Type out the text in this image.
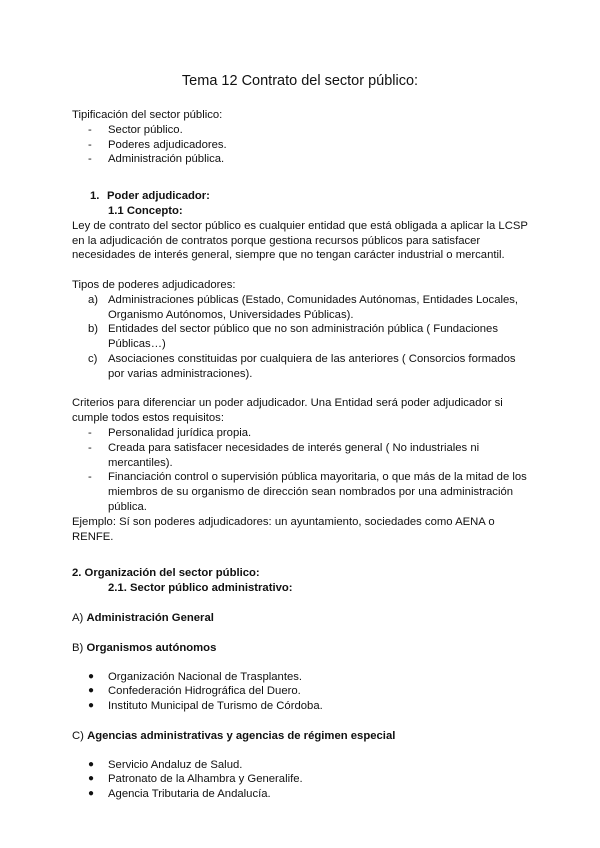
Tema 12 Contrato del sector público:

Tipificación del sector público:

- Sector público.
- Poderes adjudicadores.
- Administración pública.
1. Poder adjudicador:
1.1 Concepto:

Ley de contrato del sector público es cualquier entidad que está obligada a aplicar la LCSP en la adjudicación de contratos porque gestiona recursos públicos para satisfacer necesidades de interés general, siempre que no tengan carácter industrial o mercantil.

Tipos de poderes adjudicadores:

a) Administraciones públicas (Estado, Comunidades Autónomas, Entidades Locales, Organismo Autónomos, Universidades Públicas).
b) Entidades del sector público que no son administración pública ( Fundaciones Públicas…)
c) Asociaciones constituidas por cualquiera de las anteriores ( Consorcios formados por varias administraciones).

Criterios para diferenciar un poder adjudicador. Una Entidad será poder adjudicador si cumple todos estos requisitos:

- Personalidad jurídica propia.
- Creada para satisfacer necesidades de interés general ( No industriales ni mercantiles).
- Financiación control o supervisión pública mayoritaria, o que más de la mitad de los miembros de su organismo de dirección sean nombrados por una administración pública.

Ejemplo: Sí son poderes adjudicadores: un ayuntamiento, sociedades como AENA o RENFE.

2. Organización del sector público:
2.1. Sector público administrativo:

A) Administración General

B) Organismos autónomos

● Organización Nacional de Trasplantes.
● Confederación Hidrográfica del Duero.
● Instituto Municipal de Turismo de Córdoba.

C) Agencias administrativas y agencias de régimen especial

● Servicio Andaluz de Salud.
● Patronato de la Alhambra y Generalife.
● Agencia Tributaria de Andalucía.
